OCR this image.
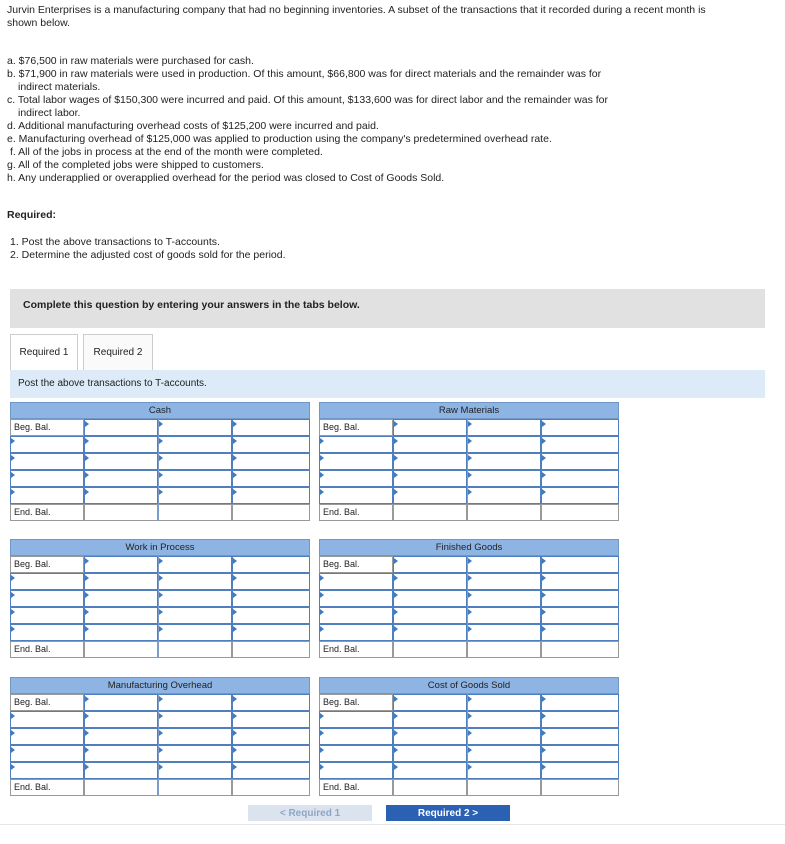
Jurvin Enterprises is a manufacturing company that had no beginning inventories. A subset of the transactions that it recorded during a recent month is shown below.
a. $76,500 in raw materials were purchased for cash.
b. $71,900 in raw materials were used in production. Of this amount, $66,800 was for direct materials and the remainder was for
indirect materials.
c. Total labor wages of $150,300 were incurred and paid. Of this amount, $133,600 was for direct labor and the remainder was for
indirect labor.
d. Additional manufacturing overhead costs of $125,200 were incurred and paid.
e. Manufacturing overhead of $125,000 was applied to production using the company's predetermined overhead rate.
f. All of the jobs in process at the end of the month were completed.
g. All of the completed jobs were shipped to customers.
h. Any underapplied or overapplied overhead for the period was closed to Cost of Goods Sold.
Required:
1. Post the above transactions to T-accounts.
2. Determine the adjusted cost of goods sold for the period.
Complete this question by entering your answers in the tabs below.
Required 1	Required 2
Post the above transactions to T-accounts.
Cash
Beg. Bal.
End. Bal.
Raw Materials
Beg. Bal.
End. Bal.
Work in Process
Beg. Bal.
End. Bal.
Finished Goods
Beg. Bal.
End. Bal.
Manufacturing Overhead
Beg. Bal.
End. Bal.
Cost of Goods Sold
Beg. Bal.
End. Bal.
< Required 1	Required 2 >
